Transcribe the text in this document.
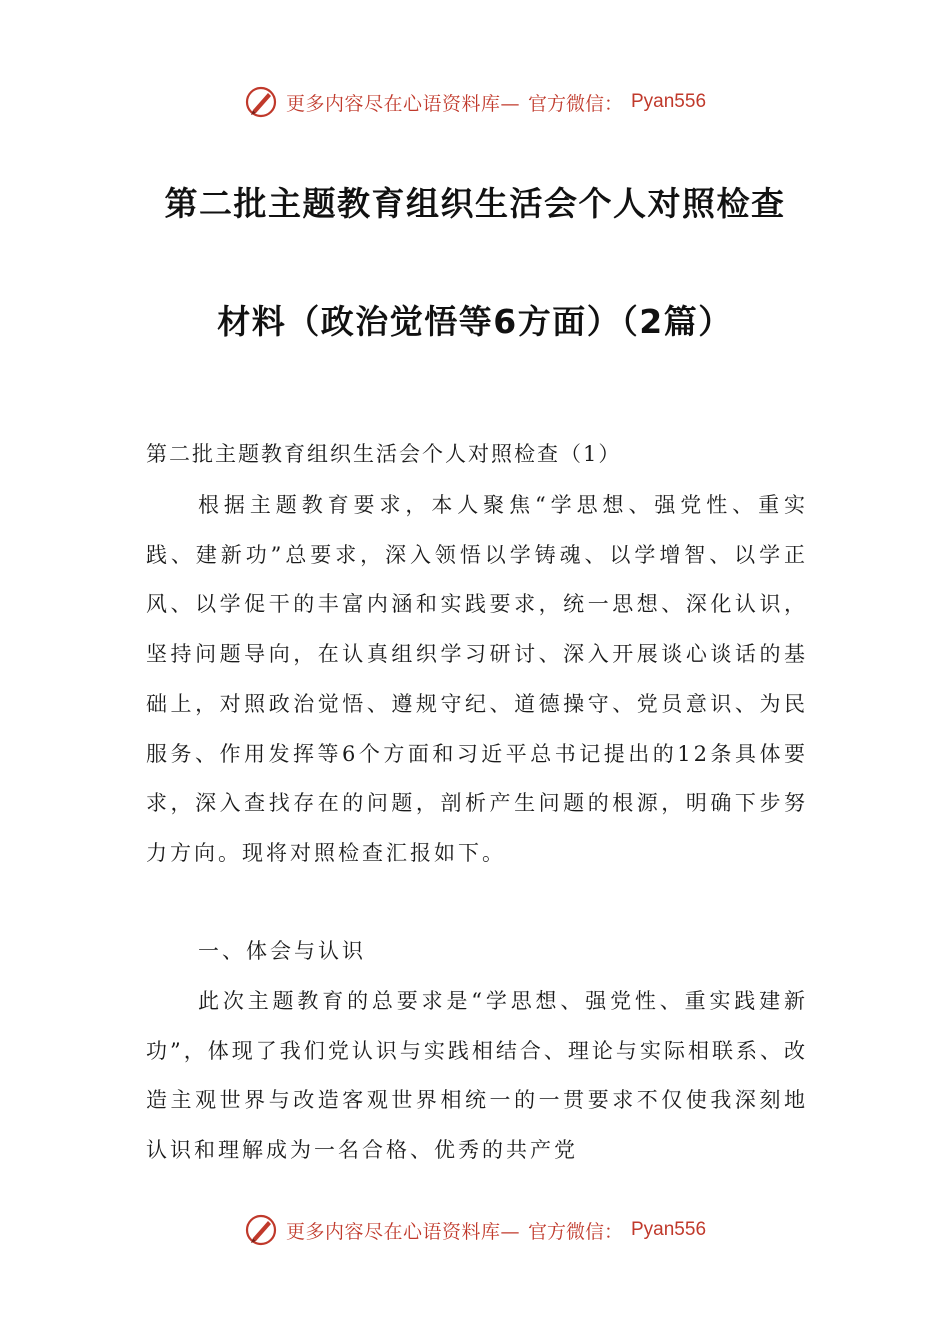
更多内容尽在心语资料库— 官方微信： Pyan556
第二批主题教育组织生活会个人对照检查
材料（政治觉悟等6方面）（2篇）

第二批主题教育组织生活会个人对照检查（1）

根据主题教育要求，本人聚焦“学思想、强党性、重实践、建新功”总要求，深入领悟以学铸魂、以学增智、以学正风、以学促干的丰富内涵和实践要求，统一思想、深化认识，坚持问题导向，在认真组织学习研讨、深入开展谈心谈话的基础上，对照政治觉悟、遵规守纪、道德操守、党员意识、为民服务、作用发挥等6个方面和习近平总书记提出的12条具体要求，深入查找存在的问题，剖析产生问题的根源，明确下步努力方向。现将对照检查汇报如下。

一、体会与认识

此次主题教育的总要求是“学思想、强党性、重实践建新功”，体现了我们党认识与实践相结合、理论与实际相联系、改造主观世界与改造客观世界相统一的一贯要求不仅使我深刻地认识和理解成为一名合格、优秀的共产党

更多内容尽在心语资料库— 官方微信： Pyan556
